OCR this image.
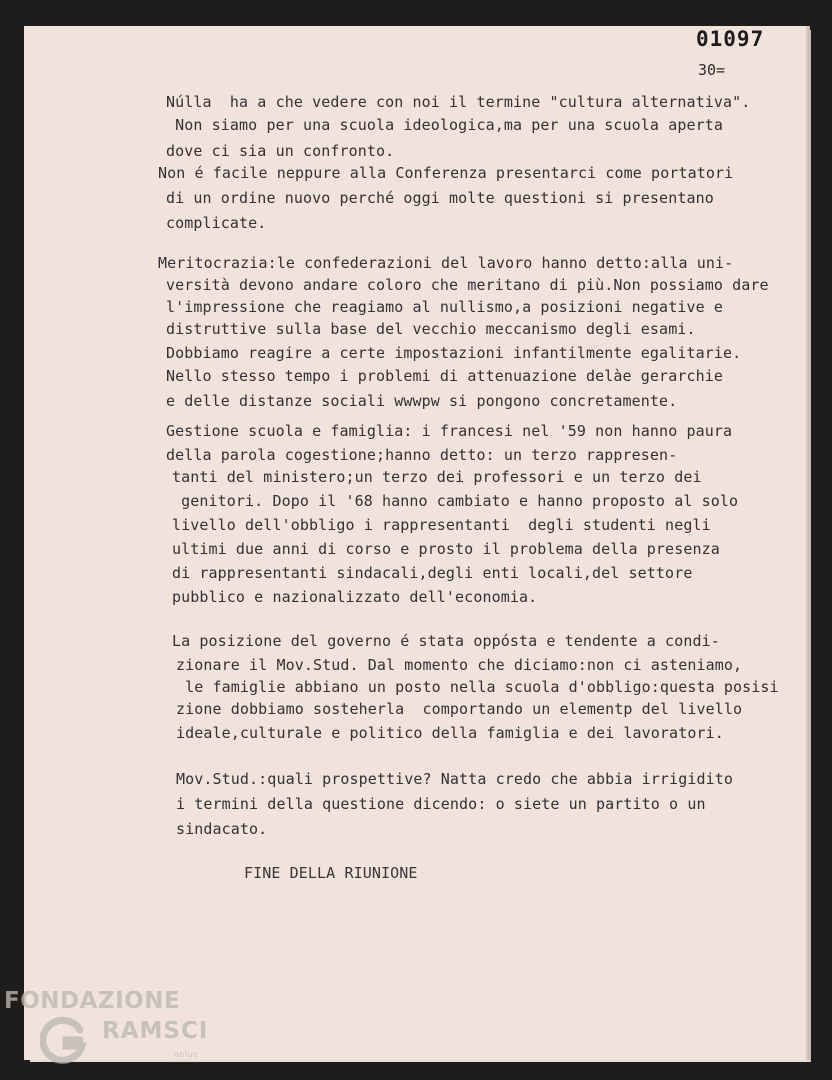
01097
30=
Núlla  ha a che vedere con noi il termine "cultura alternativa".
Non siamo per una scuola ideologica,ma per una scuola aperta
dove ci sia un confronto.
Non é facile neppure alla Conferenza presentarci come portatori
di un ordine nuovo perché oggi molte questioni si presentano
complicate.
Meritocrazia:le confederazioni del lavoro hanno detto:alla uni-
versità devono andare coloro che meritano di più.Non possiamo dare
l'impressione che reagiamo al nullismo,a posizioni negative e
distruttive sulla base del vecchio meccanismo degli esami.
Dobbiamo reagire a certe impostazioni infantilmente egalitarie.
Nello stesso tempo i problemi di attenuazione delàe gerarchie
e delle distanze sociali wwwpw si pongono concretamente.
Gestione scuola e famiglia: i francesi nel '59 non hanno paura
della parola cogestione;hanno detto: un terzo rappresen-
tanti del ministero;un terzo dei professori e un terzo dei
genitori. Dopo il '68 hanno cambiato e hanno proposto al solo
livello dell'obbligo i rappresentanti  degli studenti negli
ultimi due anni di corso e prosto il problema della presenza
di rappresentanti sindacali,degli enti locali,del settore
pubblico e nazionalizzato dell'economia.
La posizione del governo é stata oppósta e tendente a condi-
zionare il Mov.Stud. Dal momento che diciamo:non ci asteniamo,
le famiglie abbiano un posto nella scuola d'obbligo:questa posisi
zione dobbiamo sosteherla  comportando un elementp del livello
ideale,culturale e politico della famiglia e dei lavoratori.
Mov.Stud.:quali prospettive? Natta credo che abbia irrigidito
i termini della questione dicendo: o siete un partito o un
sindacato.
FINE DELLA RIUNIONE
FONDAZIONE
RAMSCI
onlus
